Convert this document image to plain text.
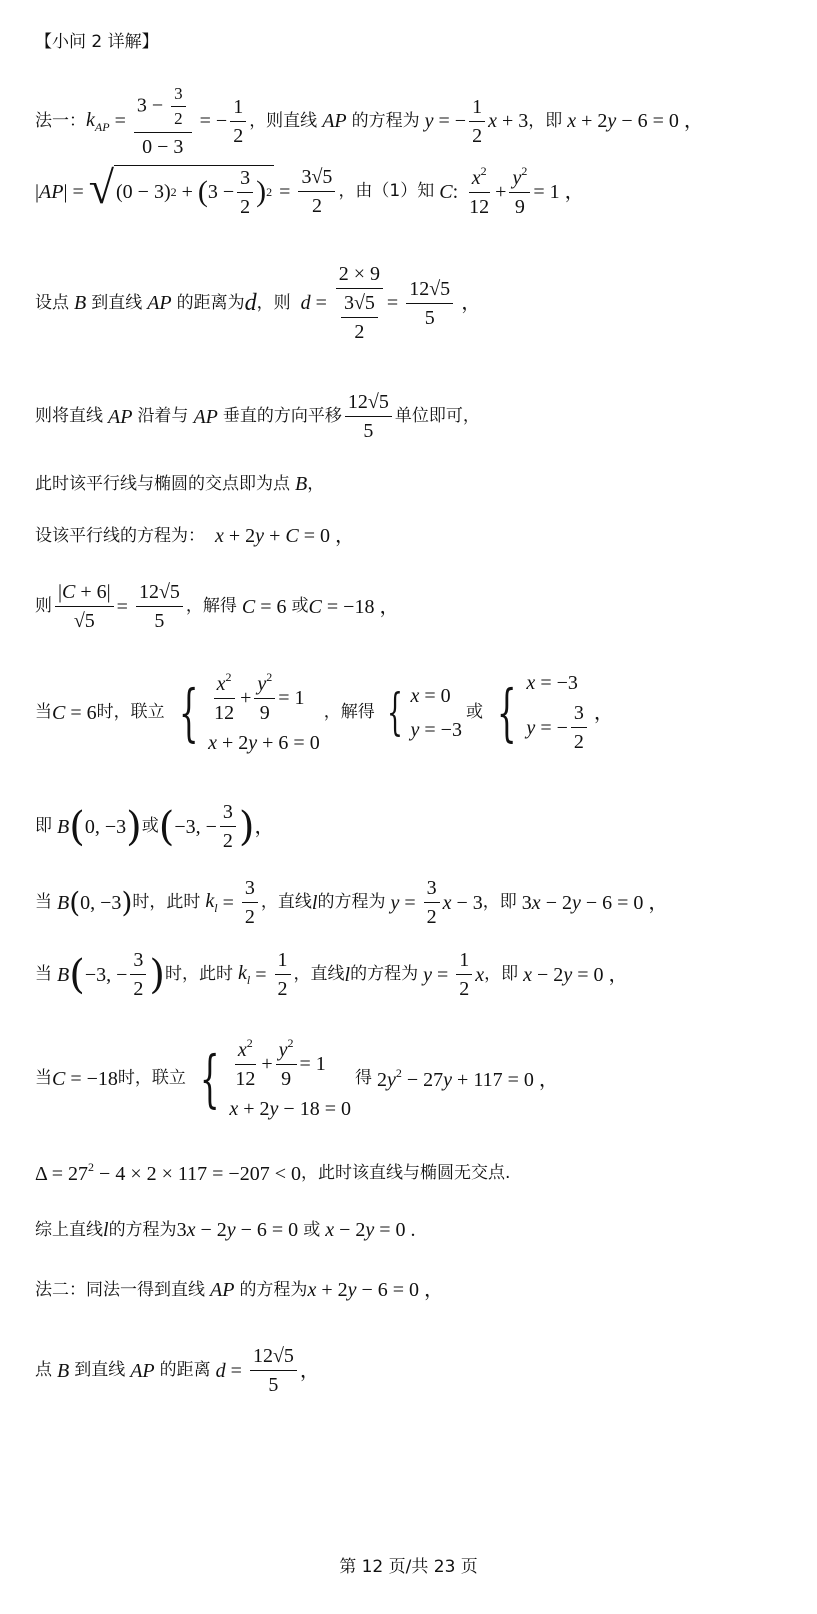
【小问 2 详解】
法一： $k_{AP} = \frac{3 - \frac{3}{2}}{0 - 3}$ = − $\frac{1}{2}$ ，则直线 AP 的方程为 y = − $\frac{1}{2}$ x + 3 ，即 x + 2y − 6 = 0 ，
|AP| = √ (0 − 3) 2 + ( $3 - \frac{3}{2}$ ) $2 = \frac{3√5}{2}$ ，由（1）知 C : $\frac{x^2}{12} + \frac{y^2}{9} = 1$ ，
设点 B 到直线 AP 的距离为 d ，则 $d = \frac{2 \times 9}{\frac{3√5}{2}} = \frac{12√5}{5}$ ，
则将直线 AP 沿着与 AP 垂直的方向平移 $\frac{12√5}{5}$ 单位即可，
此时该平行线与椭圆的交点即为点 B ，
设该平行线的方程为： x + 2y + C = 0 ，
则 $\frac{|C + 6|}{√5} = \frac{12√5}{5}$ ，解得 C = 6 或 C = −18 ，
当 C = 6 时，联立 { $\frac{x^2}{12} + \frac{y^2}{9} = 1$
x + 2y + 6 = 0
，解得 { x = 0
y = −3
或 { x = −3
y = − $\frac{3}{2}$ ，
即 B ( 0, −3 ) 或 ( −3, − $\frac{3}{2}$ ) ，
当 B ( 0, −3 ) 时，此时 $k_l = \frac{3}{2}$ ，直线 l 的方程为 $y = \frac{3}{2}$ x − 3 ，即 3x − 2y − 6 = 0 ，
当 B ( −3, − $\frac{3}{2}$ ) 时，此时 $k_l = \frac{1}{2}$ ，直线 l 的方程为 $y = \frac{1}{2}$ x ，即 x − 2y = 0 ，
当 C = −18 时，联立 { $\frac{x^2}{12} + \frac{y^2}{9} = 1$
x + 2y − 18 = 0
得 $2y^2 - 27y + 117 = 0$ ，
$\Delta = 27^2 - 4 \times 2 \times 117 = -207 < 0$ ，此时该直线与椭圆无交点.
综上直线 l 的方程为 3x − 2y − 6 = 0 或 x − 2y = 0 .
法二：同法一得到直线 AP 的方程为 x + 2y − 6 = 0 ，
点 B 到直线 AP 的距离 $d = \frac{12√5}{5}$ ，
第 12 页/共 23 页
